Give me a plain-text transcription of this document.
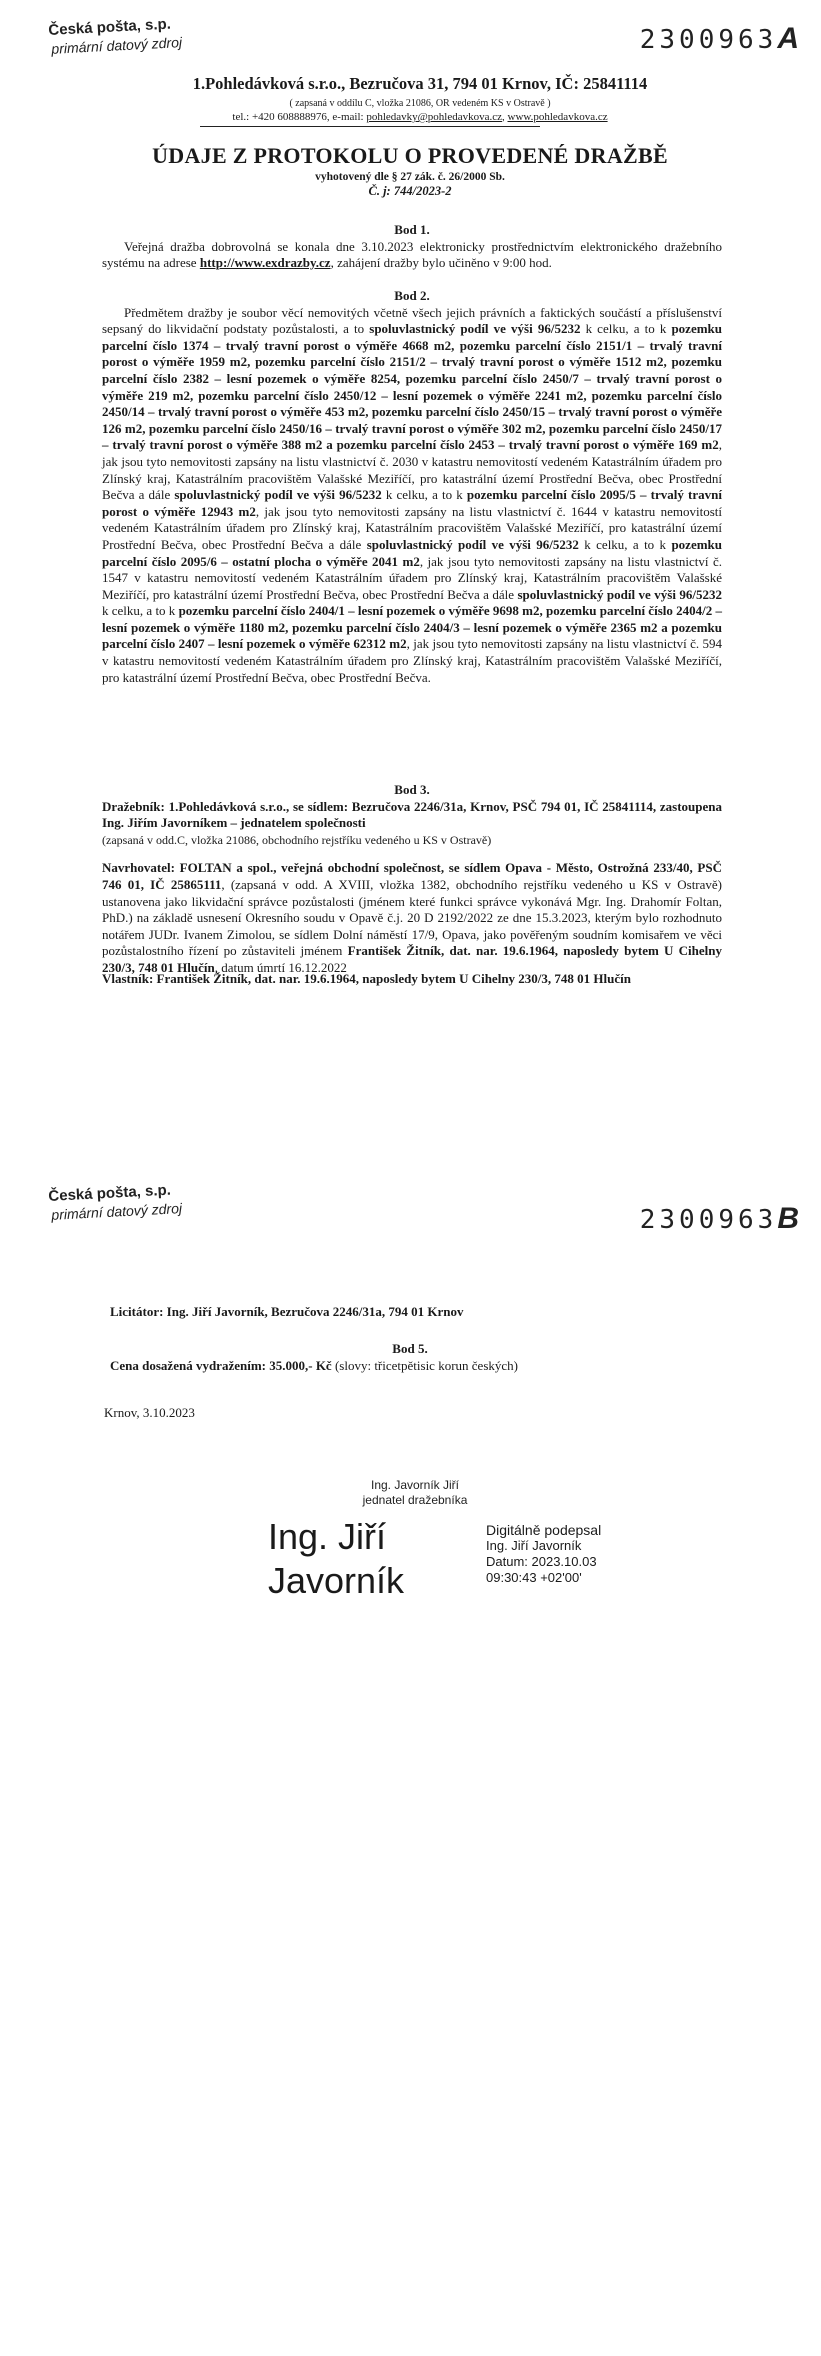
Česká pošta, s.p.
primární datový zdroj	2300963A
1.Pohledávková s.r.o., Bezručova 31, 794 01 Krnov, IČ: 25841114
( zapsaná v oddílu C, vložka 21086, OR vedeném KS v Ostravě )
tel.: +420 608888976, e-mail: pohledavky@pohledavkova.cz, www.pohledavkova.cz
ÚDAJE Z PROTOKOLU O PROVEDENÉ DRAŽBĚ
vyhotovený dle § 27 zák. č. 26/2000 Sb.
Č. j: 744/2023-2

Bod 1.

Veřejná dražba dobrovolná se konala dne 3.10.2023 elektronicky prostřednictvím elektronického dražebního systému na adrese http://www.exdrazby.cz, zahájení dražby bylo učiněno v 9:00 hod.

Bod 2.

Předmětem dražby je soubor věcí nemovitých včetně všech jejich právních a faktických součástí a příslušenství sepsaný do likvidační podstaty pozůstalosti, a to spoluvlastnický podíl ve výši 96/5232 k celku, a to k pozemku parcelní číslo 1374 – trvalý travní porost o výměře 4668 m2, pozemku parcelní číslo 2151/1 – trvalý travní porost o výměře 1959 m2, pozemku parcelní číslo 2151/2 – trvalý travní porost o výměře 1512 m2, pozemku parcelní číslo 2382 – lesní pozemek o výměře 8254, pozemku parcelní číslo 2450/7 – trvalý travní porost o výměře 219 m2, pozemku parcelní číslo 2450/12 – lesní pozemek o výměře 2241 m2, pozemku parcelní číslo 2450/14 – trvalý travní porost o výměře 453 m2, pozemku parcelní číslo 2450/15 – trvalý travní porost o výměře 126 m2, pozemku parcelní číslo 2450/16 – trvalý travní porost o výměře 302 m2, pozemku parcelní číslo 2450/17 – trvalý travní porost o výměře 388 m2 a pozemku parcelní číslo 2453 – trvalý travní porost o výměře 169 m2, jak jsou tyto nemovitosti zapsány na listu vlastnictví č. 2030 v katastru nemovitostí vedeném Katastrálním úřadem pro Zlínský kraj, Katastrálním pracovištěm Valašské Meziříčí, pro katastrální území Prostřední Bečva, obec Prostřední Bečva a dále spoluvlastnický podíl ve výši 96/5232 k celku, a to k pozemku parcelní číslo 2095/5 – trvalý travní porost o výměře 12943 m2, jak jsou tyto nemovitosti zapsány na listu vlastnictví č. 1644 v katastru nemovitostí vedeném Katastrálním úřadem pro Zlínský kraj, Katastrálním pracovištěm Valašské Meziříčí, pro katastrální území Prostřední Bečva, obec Prostřední Bečva a dále spoluvlastnický podíl ve výši 96/5232 k celku, a to k pozemku parcelní číslo 2095/6 – ostatní plocha o výměře 2041 m2, jak jsou tyto nemovitosti zapsány na listu vlastnictví č. 1547 v katastru nemovitostí vedeném Katastrálním úřadem pro Zlínský kraj, Katastrálním pracovištěm Valašské Meziříčí, pro katastrální území Prostřední Bečva, obec Prostřední Bečva a dále spoluvlastnický podíl ve výši 96/5232 k celku, a to k pozemku parcelní číslo 2404/1 – lesní pozemek o výměře 9698 m2, pozemku parcelní číslo 2404/2 – lesní pozemek o výměře 1180 m2, pozemku parcelní číslo 2404/3 – lesní pozemek o výměře 2365 m2 a pozemku parcelní číslo 2407 – lesní pozemek o výměře 62312 m2, jak jsou tyto nemovitosti zapsány na listu vlastnictví č. 594 v katastru nemovitostí vedeném Katastrálním úřadem pro Zlínský kraj, Katastrálním pracovištěm Valašské Meziříčí, pro katastrální území Prostřední Bečva, obec Prostřední Bečva.

Bod 3.

Dražebník: 1.Pohledávková s.r.o., se sídlem: Bezručova 2246/31a, Krnov, PSČ 794 01, IČ 25841114, zastoupena Ing. Jiřím Javorníkem – jednatelem společnosti
(zapsaná v odd.C, vložka 21086, obchodního rejstříku vedeného u KS v Ostravě)

Navrhovatel: FOLTAN a spol., veřejná obchodní společnost, se sídlem Opava - Město, Ostrožná 233/40, PSČ 746 01, IČ 25865111, (zapsaná v odd. A XVIII, vložka 1382, obchodního rejstříku vedeného u KS v Ostravě) ustanovena jako likvidační správce pozůstalosti (jménem které funkci správce vykonává Mgr. Ing. Drahomír Foltan, PhD.) na základě usnesení Okresního soudu v Opavě č.j. 20 D 2192/2022 ze dne 15.3.2023, kterým bylo rozhodnuto notářem JUDr. Ivanem Zimolou, se sídlem Dolní náměstí 17/9, Opava, jako pověřeným soudním komisařem ve věci pozůstalostního řízení po zůstaviteli jménem František Žitník, dat. nar. 19.6.1964, naposledy bytem U Cihelny 230/3, 748 01 Hlučín, datum úmrtí 16.12.2022

Vlastník: František Žitník, dat. nar. 19.6.1964, naposledy bytem U Cihelny 230/3, 748 01 Hlučín

Česká pošta, s.p.
primární datový zdroj	2300963B
Licitátor: Ing. Jiří Javorník, Bezručova 2246/31a, 794 01 Krnov

Bod 5.

Cena dosažená vydražením: 35.000,- Kč (slovy: třicetpětisic korun českých)

Krnov, 3.10.2023
Ing. Javorník Jiří
jednatel dražebníka
Ing. Jiří
Javorník
Digitálně podepsal
Ing. Jiří Javorník
Datum: 2023.10.03
09:30:43 +02'00'
